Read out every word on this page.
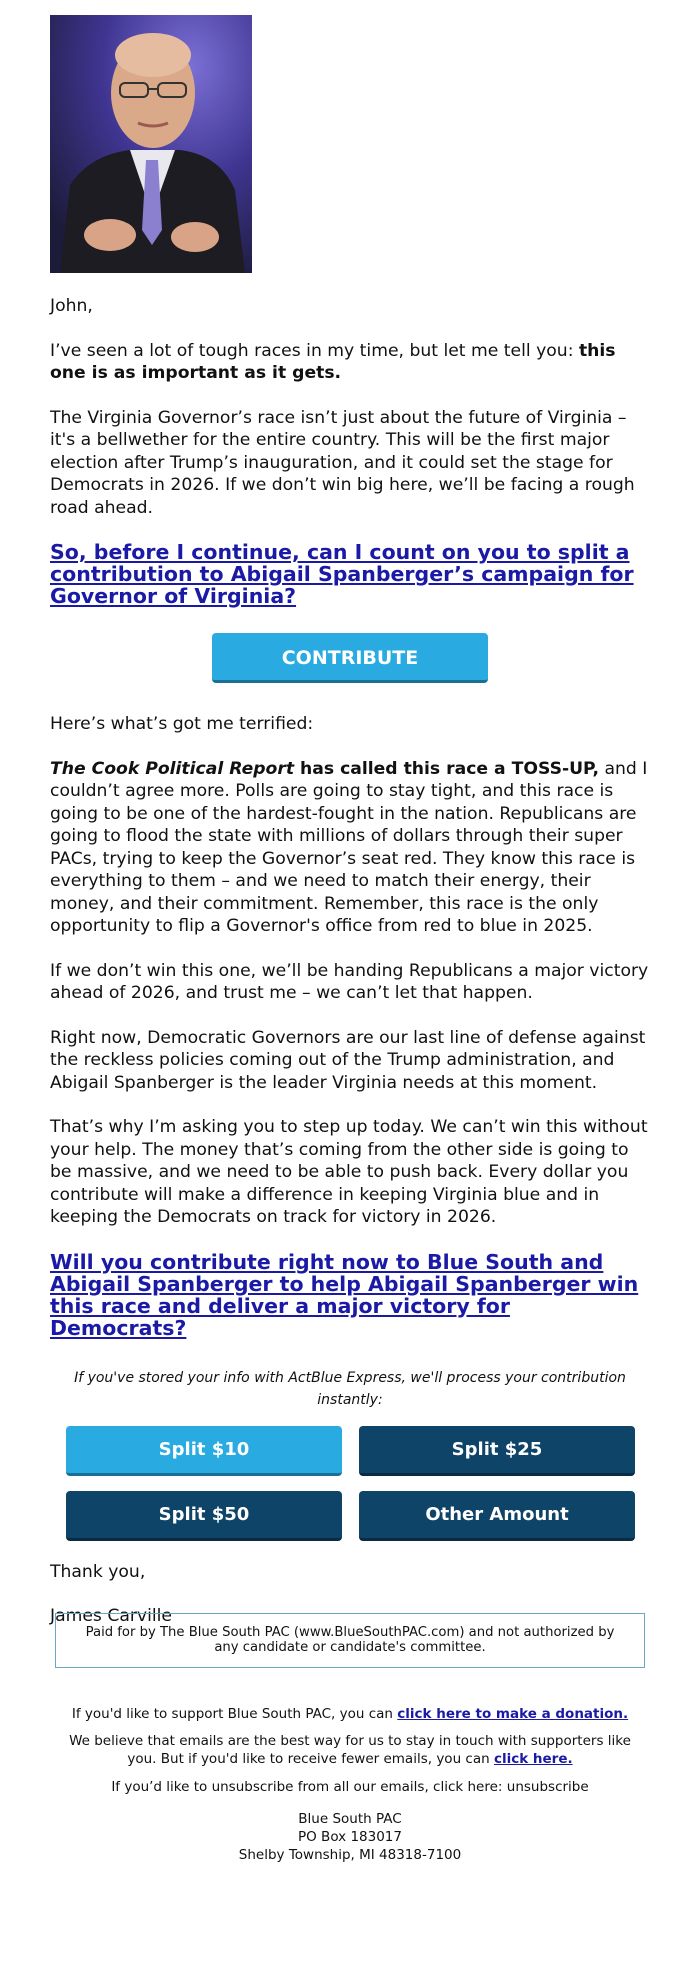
John,

I’ve seen a lot of tough races in my time, but let me tell you: this one is as important as it gets.

The Virginia Governor’s race isn’t just about the future of Virginia – it's a bellwether for the entire country. This will be the first major election after Trump’s inauguration, and it could set the stage for Democrats in 2026. If we don’t win big here, we’ll be facing a rough road ahead.

So, before I continue, can I count on you to split a contribution to Abigail Spanberger’s campaign for Governor of Virginia?
CONTRIBUTE

Here’s what’s got me terrified:

The Cook Political Report has called this race a TOSS-UP, and I couldn’t agree more. Polls are going to stay tight, and this race is going to be one of the hardest-fought in the nation. Republicans are going to flood the state with millions of dollars through their super PACs, trying to keep the Governor’s seat red. They know this race is everything to them – and we need to match their energy, their money, and their commitment. Remember, this race is the only opportunity to flip a Governor's office from red to blue in 2025.

If we don’t win this one, we’ll be handing Republicans a major victory ahead of 2026, and trust me – we can’t let that happen.

Right now, Democratic Governors are our last line of defense against the reckless policies coming out of the Trump administration, and Abigail Spanberger is the leader Virginia needs at this moment.

That’s why I’m asking you to step up today. We can’t win this without your help. The money that’s coming from the other side is going to be massive, and we need to be able to push back. Every dollar you contribute will make a difference in keeping Virginia blue and in keeping the Democrats on track for victory in 2026.

Will you contribute right now to Blue South and Abigail Spanberger to help Abigail Spanberger win this race and deliver a major victory for Democrats?
If you've stored your info with ActBlue Express, we'll process your contribution instantly:
Split $10	Split $25
Split $50	Other Amount

Thank you,

James Carville

Paid for by The Blue South PAC (www.BlueSouthPAC.com) and not authorized by any candidate or candidate's committee.
If you'd like to support Blue South PAC, you can click here to make a donation.
We believe that emails are the best way for us to stay in touch with supporters like you. But if you'd like to receive fewer emails, you can click here.
If you’d like to unsubscribe from all our emails, click here: unsubscribe
Blue South PAC
PO Box 183017
Shelby Township, MI 48318-7100
